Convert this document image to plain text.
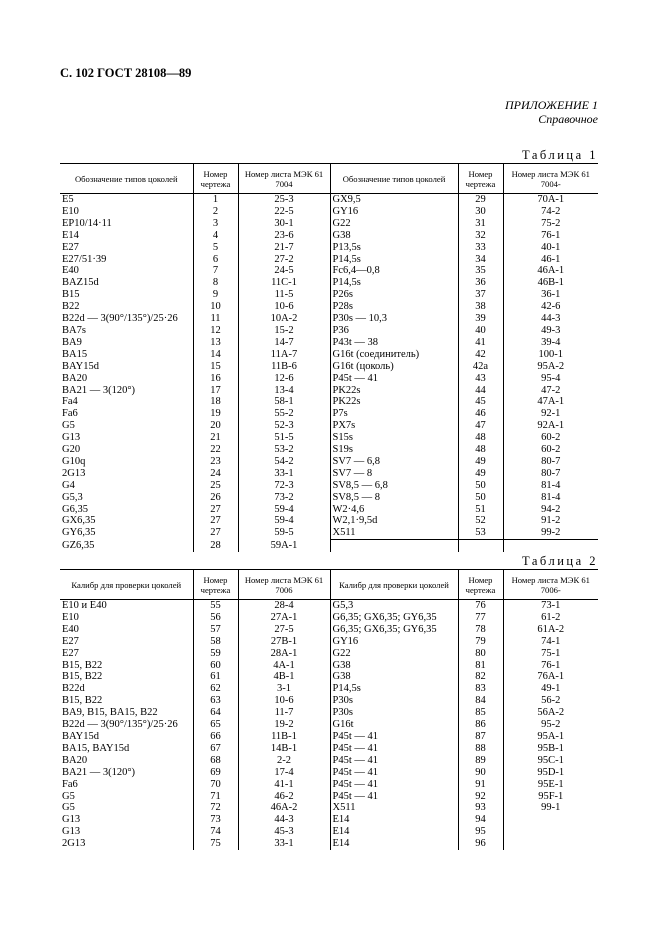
С. 102 ГОСТ 28108—89
ПРИЛОЖЕНИЕ 1
Справочное
Таблица 1
Обозначение типов цоколей	Номер чертежа	Номер листа МЭК 61 7004	Обозначение типов цоколей	Номер чертежа	Номер листа МЭК 61 7004-
E5	1	25-3	GX9,5	29	70A-1
E10	2	22-5	GY16	30	74-2
EP10/14·11	3	30-1	G22	31	75-2
E14	4	23-6	G38	32	76-1
E27	5	21-7	P13,5s	33	40-1
E27/51·39	6	27-2	P14,5s	34	46-1
E40	7	24-5	Fc6,4—0,8	35	46A-1
BAZ15d	8	11C-1	P14,5s	36	46B-1
B15	9	11-5	P26s	37	36-1
B22	10	10-6	P28s	38	42-6
B22d — 3(90°/135°)/25·26	11	10A-2	P30s — 10,3	39	44-3
BA7s	12	15-2	P36	40	49-3
BA9	13	14-7	P43t — 38	41	39-4
BA15	14	11A-7	G16t (соединитель)	42	100-1
BAY15d	15	11B-6	G16t (цоколь)	42a	95A-2
BA20	16	12-6	P45t — 41	43	95-4
BA21 — 3(120°)	17	13-4	PK22s	44	47-2
Fa4	18	58-1	PK22s	45	47A-1
Fa6	19	55-2	P7s	46	92-1
G5	20	52-3	PX7s	47	92A-1
G13	21	51-5	S15s	48	60-2
G20	22	53-2	S19s	48	60-2
G10q	23	54-2	SV7 — 6,8	49	80-7
2G13	24	33-1	SV7 — 8	49	80-7
G4	25	72-3	SV8,5 — 6,8	50	81-4
G5,3	26	73-2	SV8,5 — 8	50	81-4
G6,35	27	59-4	W2·4,6	51	94-2
GX6,35	27	59-4	W2,1·9,5d	52	91-2
GY6,35	27	59-5	X511	53	99-2
GZ6,35	28	59A-1			
Таблица 2
Калибр для проверки цоколей	Номер чертежа	Номер листа МЭК 61 7006	Калибр для проверки цоколей	Номер чертежа	Номер листа МЭК 61 7006-
E10 и E40	55	28-4	G5,3	76	73-1
E10	56	27A-1	G6,35; GX6,35; GY6,35	77	61-2
E40	57	27-5	G6,35; GX6,35; GY6,35	78	61A-2
E27	58	27B-1	GY16	79	74-1
E27	59	28A-1	G22	80	75-1
B15, B22	60	4A-1	G38	81	76-1
B15, B22	61	4B-1	G38	82	76A-1
B22d	62	3-1	P14,5s	83	49-1
B15, B22	63	10-6	P30s	84	56-2
BA9, B15, BA15, B22	64	11-7	P30s	85	56A-2
B22d — 3(90°/135°)/25·26	65	19-2	G16t	86	95-2
BAY15d	66	11B-1	P45t — 41	87	95A-1
BA15, BAY15d	67	14B-1	P45t — 41	88	95B-1
BA20	68	2-2	P45t — 41	89	95C-1
BA21 — 3(120°)	69	17-4	P45t — 41	90	95D-1
Fa6	70	41-1	P45t — 41	91	95E-1
G5	71	46-2	P45t — 41	92	95F-1
G5	72	46A-2	X511	93	99-1
G13	73	44-3	E14	94	
G13	74	45-3	E14	95	
2G13	75	33-1	E14	96	
